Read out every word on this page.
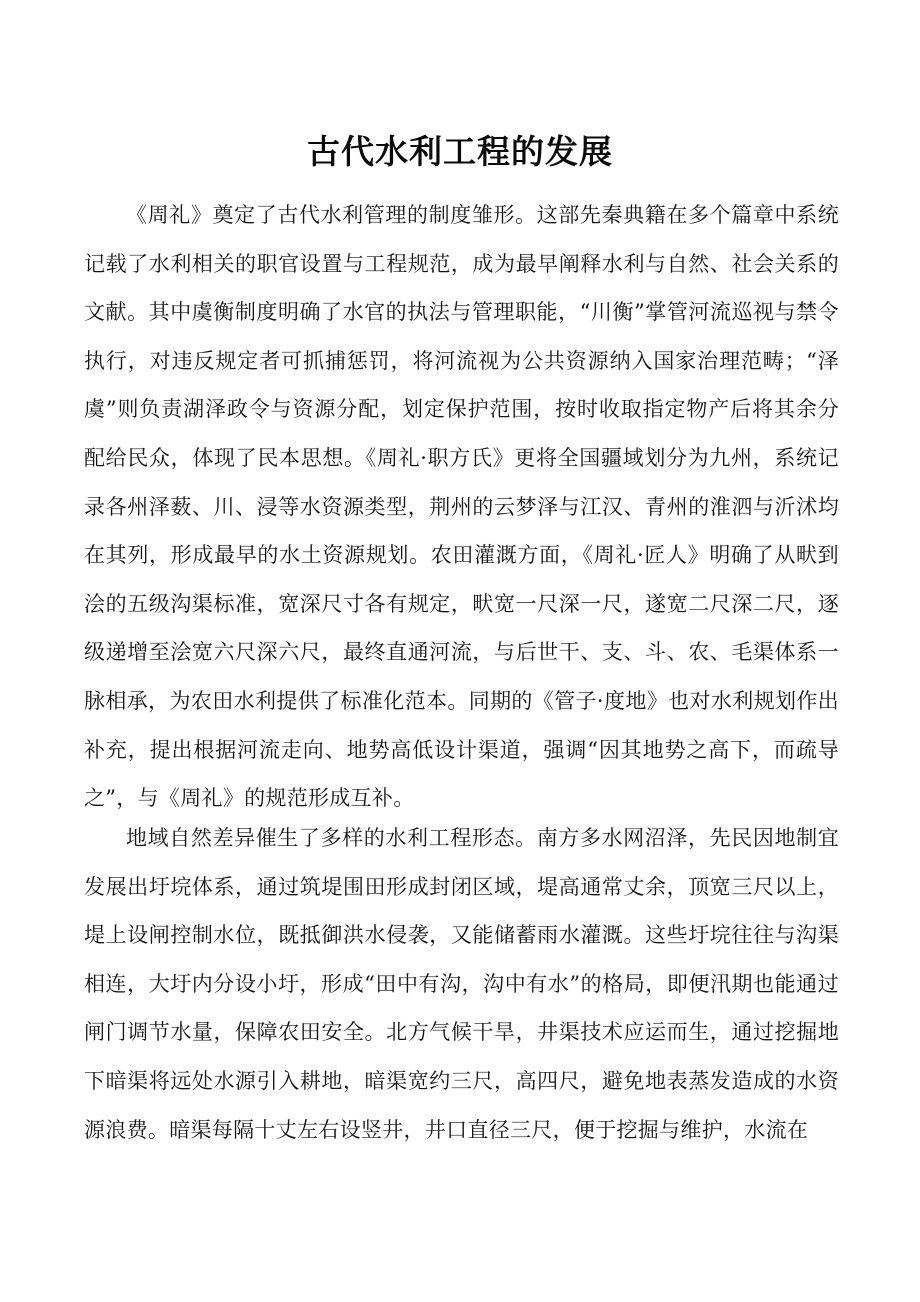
古代水利工程的发展

《周礼》奠定了古代水利管理的制度雏形。这部先秦典籍在多个篇章中系统记载了水利相关的职官设置与工程规范，成为最早阐释水利与自然、社会关系的文献。其中虞衡制度明确了水官的执法与管理职能，“川衡”掌管河流巡视与禁令执行，对违反规定者可抓捕惩罚，将河流视为公共资源纳入国家治理范畴；“泽虞”则负责湖泽政令与资源分配，划定保护范围，按时收取指定物产后将其余分配给民众，体现了民本思想。《周礼·职方氏》更将全国疆域划分为九州，系统记录各州泽薮、川、浸等水资源类型，荆州的云梦泽与江汉、青州的淮泗与沂沭均在其列，形成最早的水土资源规划。农田灌溉方面，《周礼·匠人》明确了从畎到浍的五级沟渠标准，宽深尺寸各有规定，畎宽一尺深一尺，遂宽二尺深二尺，逐级递增至浍宽六尺深六尺，最终直通河流，与后世干、支、斗、农、毛渠体系一脉相承，为农田水利提供了标准化范本。同期的《管子·度地》也对水利规划作出补充，提出根据河流走向、地势高低设计渠道，强调“因其地势之高下，而疏导之”，与《周礼》的规范形成互补。

地域自然差异催生了多样的水利工程形态。南方多水网沼泽，先民因地制宜发展出圩垸体系，通过筑堤围田形成封闭区域，堤高通常丈余，顶宽三尺以上，堤上设闸控制水位，既抵御洪水侵袭，又能储蓄雨水灌溉。这些圩垸往往与沟渠相连，大圩内分设小圩，形成“田中有沟，沟中有水”的格局，即便汛期也能通过闸门调节水量，保障农田安全。北方气候干旱，井渠技术应运而生，通过挖掘地下暗渠将远处水源引入耕地，暗渠宽约三尺，高四尺，避免地表蒸发造成的水资源浪费。暗渠每隔十丈左右设竖井，井口直径三尺，便于挖掘与维护，水流在
